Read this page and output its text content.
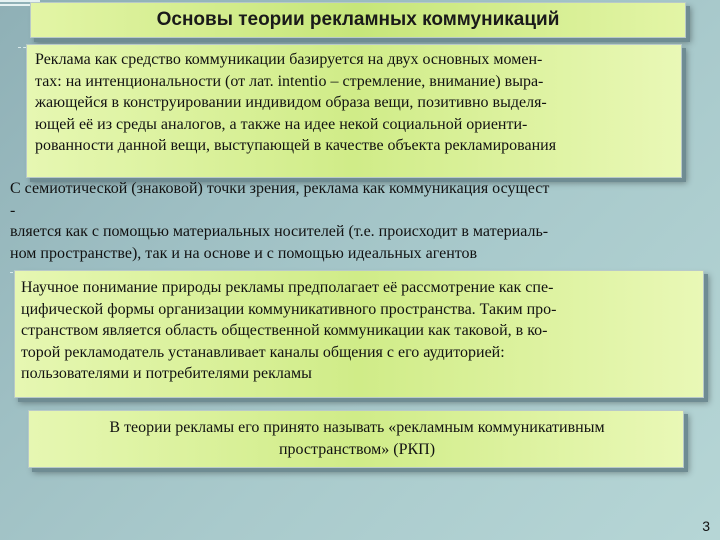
Основы теории рекламных коммуникаций

Реклама как средство коммуникации базируется на двух основных момен-
тах: на интенциональности (от лат. intentio – стремление, внимание) выра-
жающейся в конструировании индивидом образа вещи, позитивно выделя-
ющей её из среды аналогов, а также на идее некой социальной ориенти-
рованности данной вещи, выступающей в качестве объекта рекламирования

С семиотической (знаковой) точки зрения, реклама как коммуникация осущест
-
вляется как с помощью материальных носителей (т.е. происходит в материаль-
ном пространстве), так и на основе и с помощью идеальных агентов

Научное понимание природы рекламы предполагает её рассмотрение как спе-
цифической формы организации коммуникативного пространства. Таким про-
странством является область общественной коммуникации как таковой, в ко-
торой рекламодатель устанавливает каналы общения с его аудиторией:
пользователями и потребителями рекламы

В теории рекламы его принято называть «рекламным коммуникативным
пространством» (РКП)

3
